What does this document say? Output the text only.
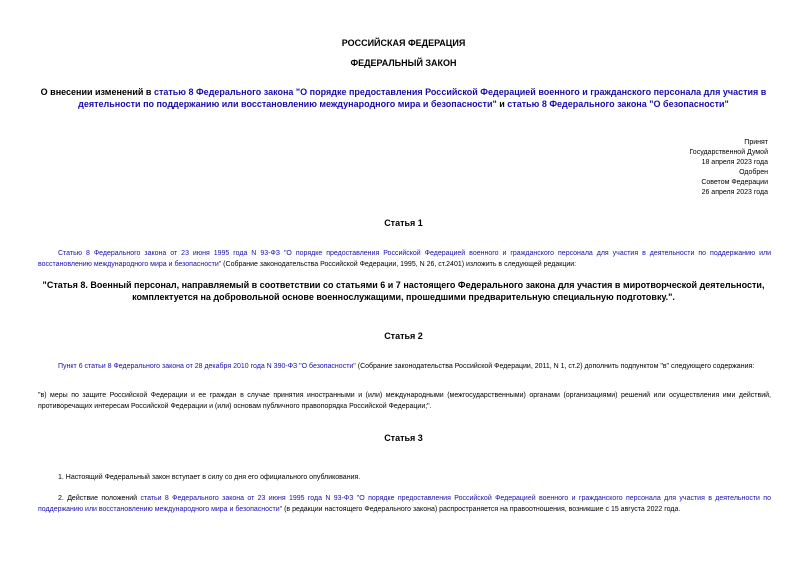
РОССИЙСКАЯ ФЕДЕРАЦИЯ
ФЕДЕРАЛЬНЫЙ ЗАКОН
О внесении изменений в статью 8 Федерального закона "О порядке предоставления Российской Федерацией военного и гражданского персонала для участия в деятельности по поддержанию или восстановлению международного мира и безопасности" и статью 8 Федерального закона "О безопасности"
Принят
Государственной Думой
18 апреля 2023 года
Одобрен
Советом Федерации
26 апреля 2023 года
Статья 1
Статью 8 Федерального закона от 23 июня 1995 года N 93-ФЗ "О порядке предоставления Российской Федерацией военного и гражданского персонала для участия в деятельности по поддержанию или восстановлению международного мира и безопасности" (Собрание законодательства Российской Федерации, 1995, N 26, ст.2401) изложить в следующей редакции:
"Статья 8. Военный персонал, направляемый в соответствии со статьями 6 и 7 настоящего Федерального закона для участия в миротворческой деятельности, комплектуется на добровольной основе военнослужащими, прошедшими предварительную специальную подготовку.".
Статья 2
Пункт 6 статьи 8 Федерального закона от 28 декабря 2010 года N 390-ФЗ "О безопасности" (Собрание законодательства Российской Федерации, 2011, N 1, ст.2) дополнить подпунктом "в" следующего содержания:
"в) меры по защите Российской Федерации и ее граждан в случае принятия иностранными и (или) международными (межгосударственными) органами (организациями) решений или осуществления ими действий, противоречащих интересам Российской Федерации и (или) основам публичного правопорядка Российской Федерации;".
Статья 3
1. Настоящий Федеральный закон вступает в силу со дня его официального опубликования.
2. Действие положений статьи 8 Федерального закона от 23 июня 1995 года N 93-ФЗ "О порядке предоставления Российской Федерацией военного и гражданского персонала для участия в деятельности по поддержанию или восстановлению международного мира и безопасности" (в редакции настоящего Федерального закона) распространяется на правоотношения, возникшие с 15 августа 2022 года.
